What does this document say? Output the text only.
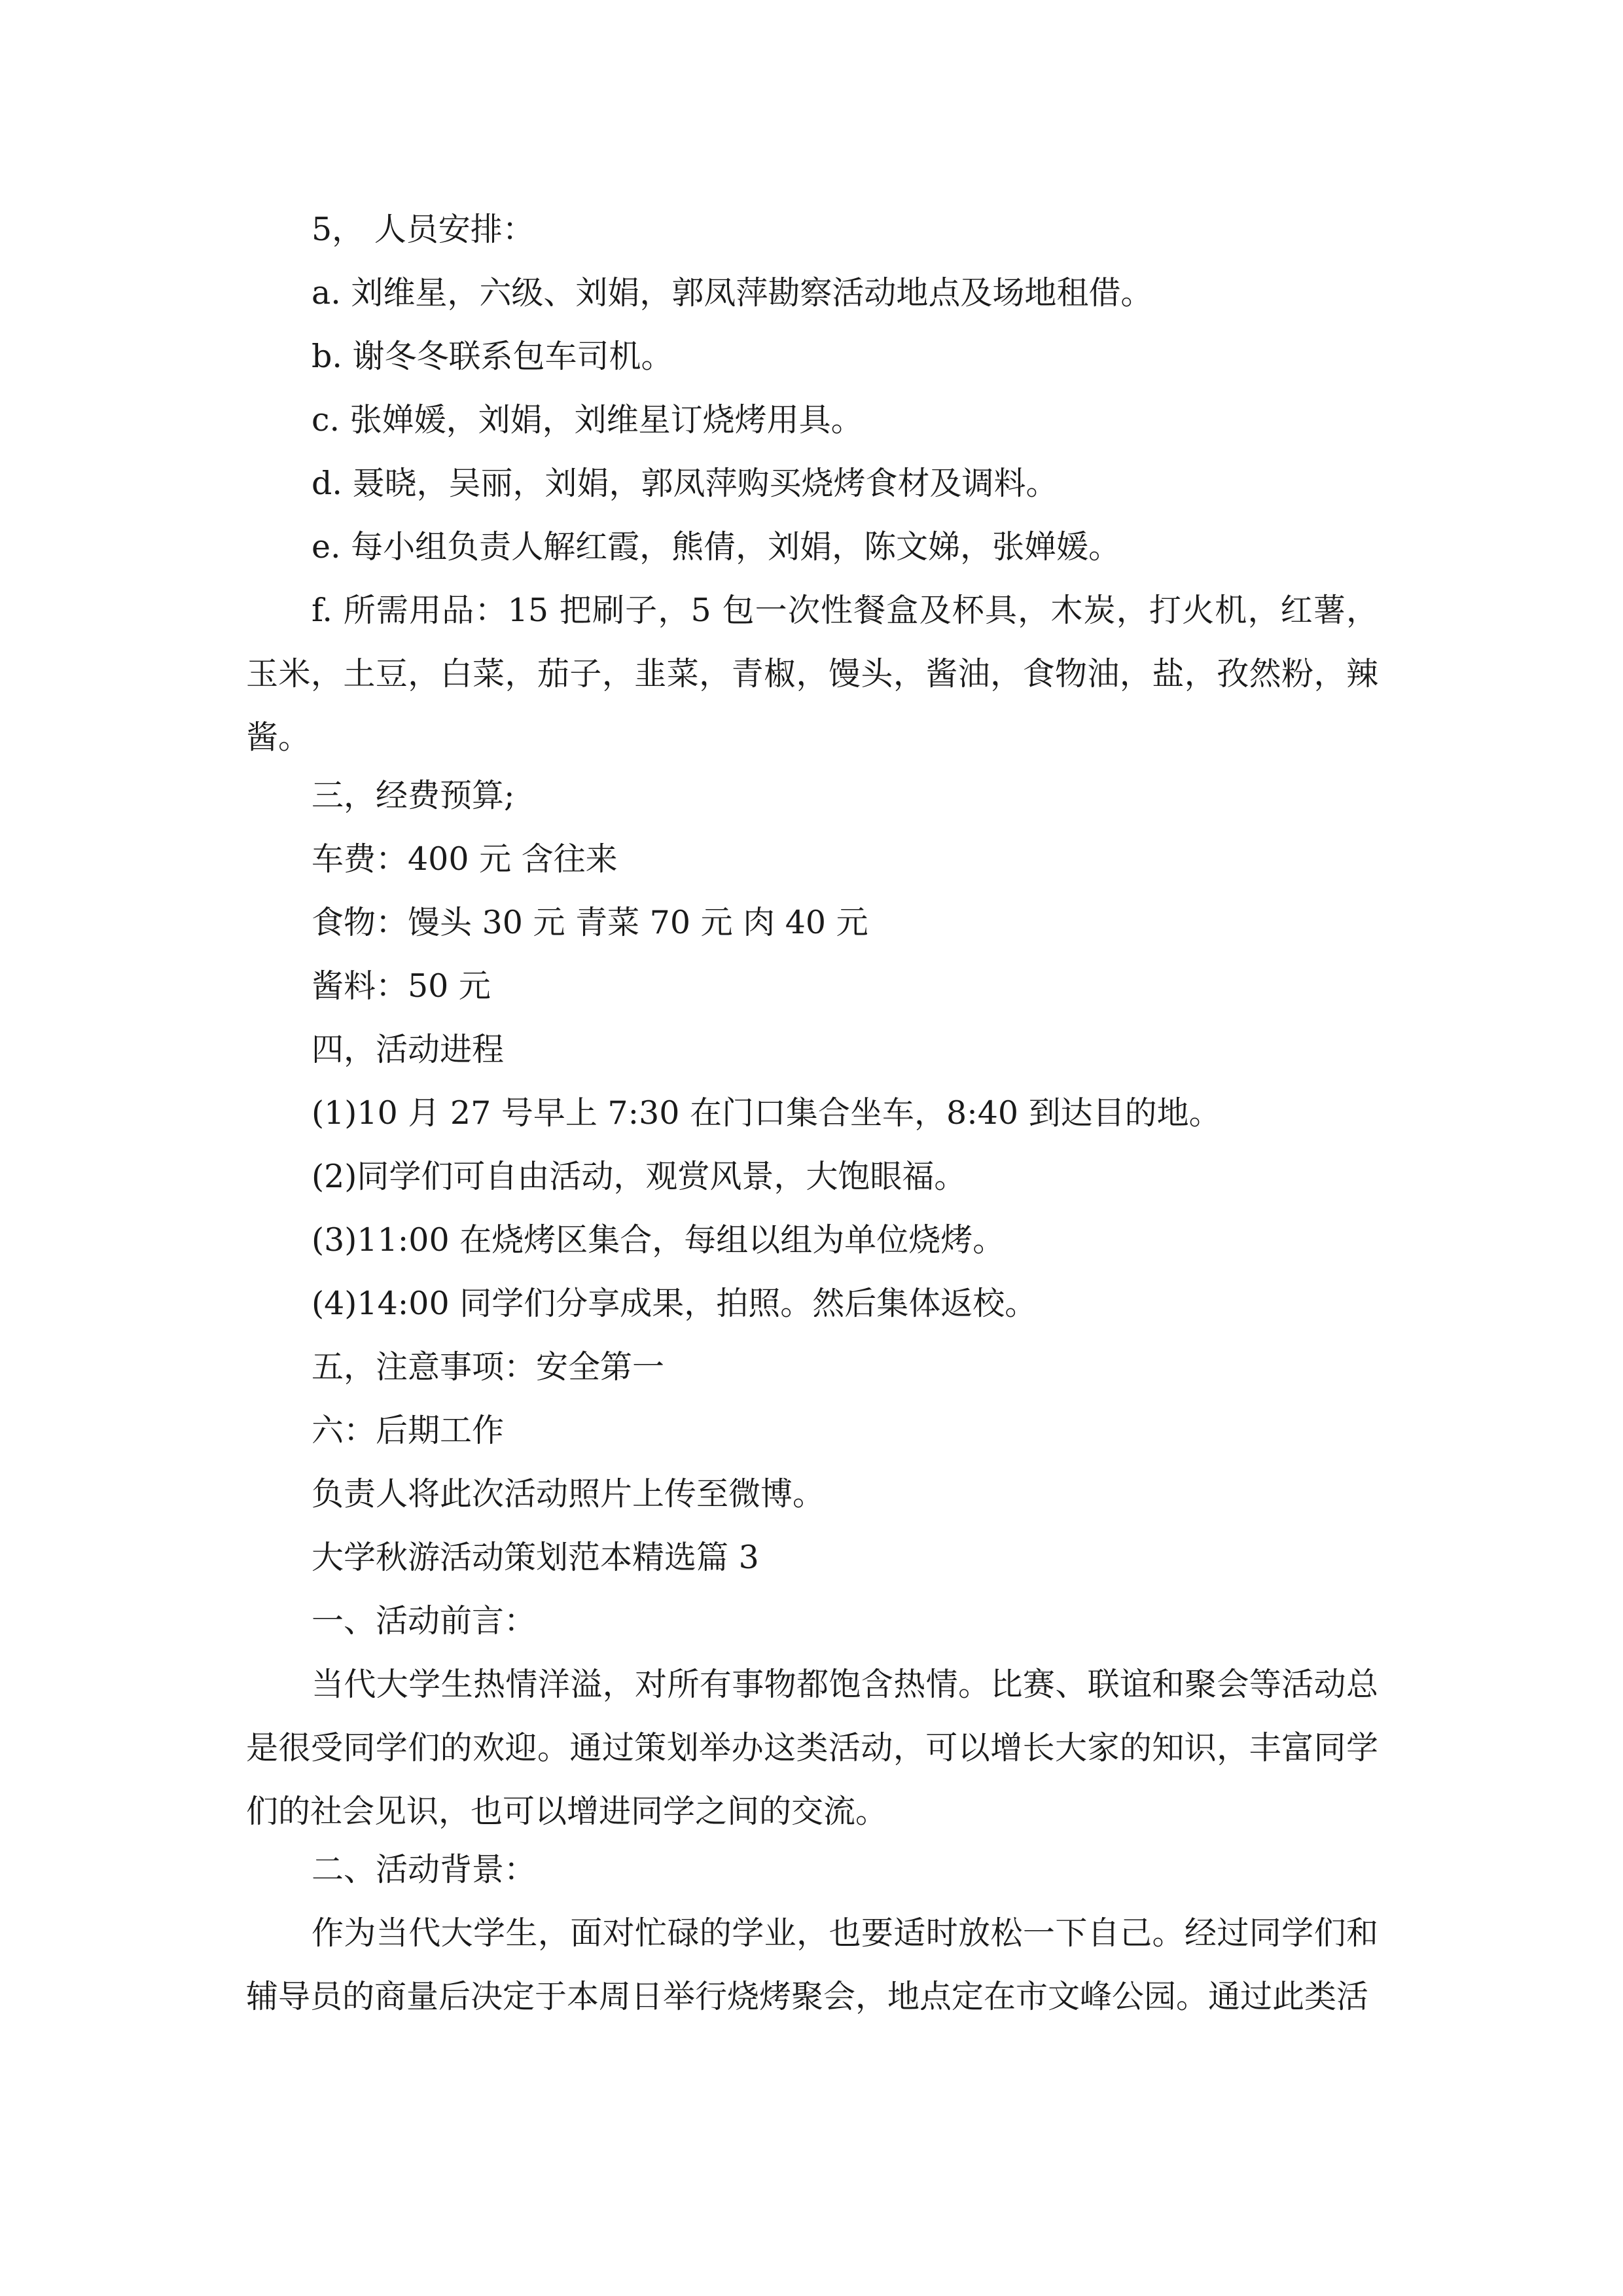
5， 人员安排：
a. 刘维星，六级、刘娟，郭凤萍勘察活动地点及场地租借。
b. 谢冬冬联系包车司机。
c. 张婵媛，刘娟，刘维星订烧烤用具。
d. 聂晓，吴丽，刘娟，郭凤萍购买烧烤食材及调料。
e. 每小组负责人解红霞，熊倩，刘娟，陈文娣，张婵媛。
f. 所需用品：15 把刷子，5 包一次性餐盒及杯具，木炭，打火机，红薯，玉米，土豆，白菜，茄子，韭菜，青椒，馒头，酱油，食物油，盐，孜然粉，辣酱。
三，经费预算;
车费：400 元 含往来
食物：馒头 30 元 青菜 70 元 肉 40 元
酱料：50 元
四，活动进程
(1)10 月 27 号早上 7:30 在门口集合坐车，8:40 到达目的地。
(2)同学们可自由活动，观赏风景，大饱眼福。
(3)11:00 在烧烤区集合，每组以组为单位烧烤。
(4)14:00 同学们分享成果，拍照。然后集体返校。
五，注意事项：安全第一
六：后期工作
负责人将此次活动照片上传至微博。
大学秋游活动策划范本精选篇 3
一、活动前言：
当代大学生热情洋溢，对所有事物都饱含热情。比赛、联谊和聚会等活动总是很受同学们的欢迎。通过策划举办这类活动，可以增长大家的知识，丰富同学们的社会见识，也可以增进同学之间的交流。
二、活动背景：
作为当代大学生，面对忙碌的学业，也要适时放松一下自己。经过同学们和辅导员的商量后决定于本周日举行烧烤聚会，地点定在市文峰公园。通过此类活
